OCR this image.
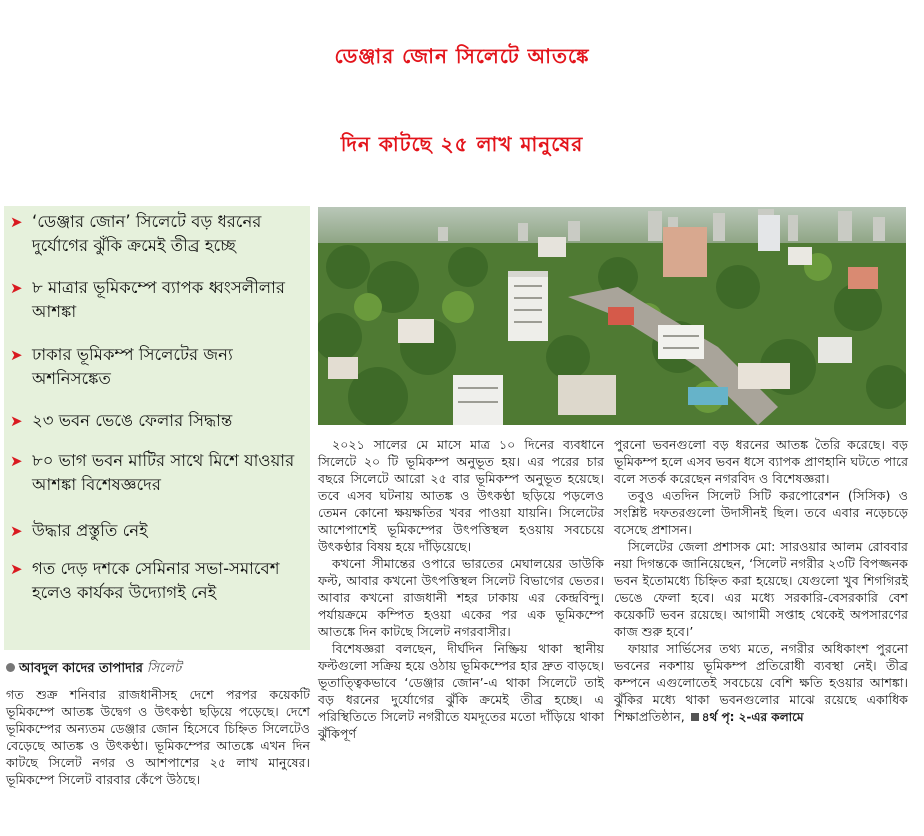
ডেঞ্জার জোন সিলেটে আতঙ্কে
দিন কাটছে ২৫ লাখ মানুষের
➤ ‘ডেঞ্জার জোন’ সিলেটে বড় ধরনের দুর্যোগের ঝুঁকি ক্রমেই তীব্র হচ্ছে
➤ ৮ মাত্রার ভূমিকম্পে ব্যাপক ধ্বংসলীলার আশঙ্কা
➤ ঢাকার ভূমিকম্প সিলেটের জন্য অশনিসঙ্কেত
➤ ২৩ ভবন ভেঙে ফেলার সিদ্ধান্ত
➤ ৮০ ভাগ ভবন মাটির সাথে মিশে যাওয়ার আশঙ্কা বিশেষজ্ঞদের
➤ উদ্ধার প্রস্তুতি নেই
➤ গত দেড় দশকে সেমিনার সভা-সমাবেশ হলেও কার্যকর উদ্যোগই নেই
আবদুল কাদের তাপাদার সিলেট

গত শুক্র শনিবার রাজধানীসহ দেশে পরপর কয়েকটি ভূমিকম্পে আতঙ্ক উদ্বেগ ও উৎকণ্ঠা ছড়িয়ে পড়েছে। দেশে ভূমিকম্পের অন্যতম ডেঞ্জার জোন হিসেবে চিহ্নিত সিলেটেও বেড়েছে আতঙ্ক ও উৎকণ্ঠা। ভূমিকম্পের আতঙ্কে এখন দিন কাটছে সিলেট নগর ও আশপাশের ২৫ লাখ মানুষের। ভূমিকম্পে সিলেট বারবার কেঁপে উঠছে।

২০২১ সালের মে মাসে মাত্র ১০ দিনের ব্যবধানে সিলেটে ২০ টি ভূমিকম্প অনুভূত হয়। এর পরের চার বছরে সিলেটে আরো ২৫ বার ভূমিকম্প অনুভূত হয়েছে। তবে এসব ঘটনায় আতঙ্ক ও উৎকণ্ঠা ছড়িয়ে পড়লেও তেমন কোনো ক্ষয়ক্ষতির খবর পাওয়া যায়নি। সিলেটের আশেপাশেই ভূমিকম্পের উৎপত্তিস্থল হওয়ায় সবচেয়ে উৎকণ্ঠার বিষয় হয়ে দাঁড়িয়েছে।

কখনো সীমান্তের ওপারে ভারতের মেঘালয়ের ডাউকি ফল্ট, আবার কখনো উৎপত্তিস্থল সিলেট বিভাগের ভেতর। আবার কখনো রাজধানী শহর ঢাকায় এর কেন্দ্রবিন্দু। পর্যায়ক্রমে কম্পিত হওয়া একের পর এক ভূমিকম্পে আতঙ্কে দিন কাটছে সিলেট নগরবাসীর।

বিশেষজ্ঞরা বলছেন, দীর্ঘদিন নিষ্ক্রিয় থাকা স্থানীয় ফল্টগুলো সক্রিয় হয়ে ওঠায় ভূমিকম্পের হার দ্রুত বাড়ছে। ভূতাত্ত্বিকভাবে ‘ডেঞ্জার জোন’-এ থাকা সিলেটে তাই বড় ধরনের দুর্যোগের ঝুঁকি ক্রমেই তীব্র হচ্ছে। এ পরিস্থিতিতে সিলেট নগরীতে যমদূতের মতো দাঁড়িয়ে থাকা ঝুঁকিপূর্ণ

পুরনো ভবনগুলো বড় ধরনের আতঙ্ক তৈরি করেছে। বড় ভূমিকম্প হলে এসব ভবন ধসে ব্যাপক প্রাণহানি ঘটতে পারে বলে সতর্ক করেছেন নগরবিদ ও বিশেষজ্ঞরা।

তবুও এতদিন সিলেট সিটি করপোরেশন (সিসিক) ও সংশ্লিষ্ট দফতরগুলো উদাসীনই ছিল। তবে এবার নড়েচড়ে বসেছে প্রশাসন।

সিলেটের জেলা প্রশাসক মো: সারওয়ার আলম রোববার নয়া দিগন্তকে জানিয়েছেন, ‘সিলেট নগরীর ২৩টি বিপজ্জনক ভবন ইতোমধ্যে চিহ্নিত করা হয়েছে। যেগুলো খুব শিগগিরই ভেঙে ফেলা হবে। এর মধ্যে সরকারি-বেসরকারি বেশ কয়েকটি ভবন রয়েছে। আগামী সপ্তাহ থেকেই অপসারণের কাজ শুরু হবে।’

ফায়ার সার্ভিসের তথ্য মতে, নগরীর অধিকাংশ পুরনো ভবনের নকশায় ভূমিকম্প প্রতিরোধী ব্যবস্থা নেই। তীব্র কম্পনে এগুলোতেই সবচেয়ে বেশি ক্ষতি হওয়ার আশঙ্কা। ঝুঁকির মধ্যে থাকা ভবনগুলোর মাঝে রয়েছে একাধিক শিক্ষাপ্রতিষ্ঠান, ৪র্থ পৃ: ২-এর কলামে
